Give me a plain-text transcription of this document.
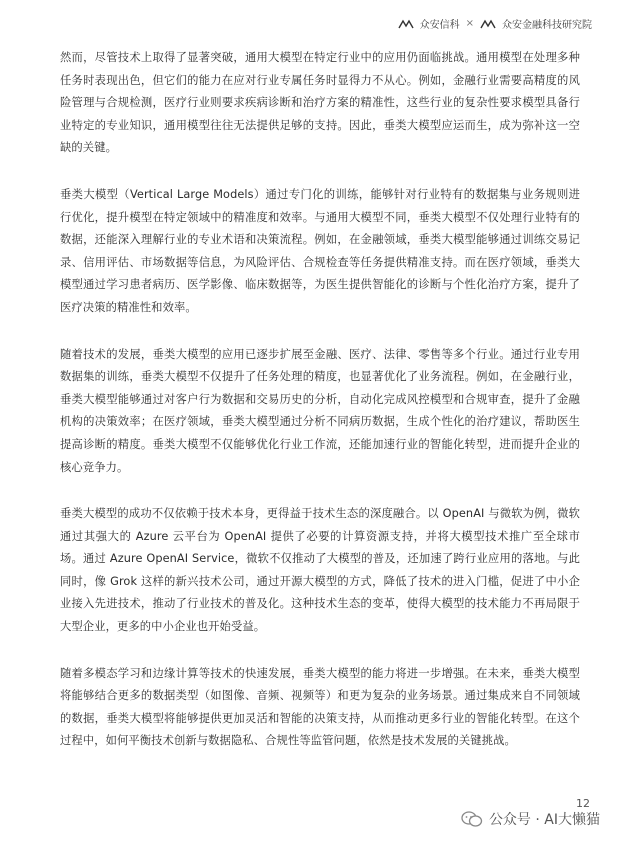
众安信科 ×	众安金融科技研究院

然而，尽管技术上取得了显著突破，通用大模型在特定行业中的应用仍面临挑战。通用模型在处理多种任务时表现出色，但它们的能力在应对行业专属任务时显得力不从心。例如，金融行业需要高精度的风险管理与合规检测，医疗行业则要求疾病诊断和治疗方案的精准性，这些行业的复杂性要求模型具备行业特定的专业知识，通用模型往往无法提供足够的支持。因此，垂类大模型应运而生，成为弥补这一空缺的关键。

垂类大模型（Vertical Large Models）通过专门化的训练，能够针对行业特有的数据集与业务规则进行优化，提升模型在特定领域中的精准度和效率。与通用大模型不同，垂类大模型不仅处理行业特有的数据，还能深入理解行业的专业术语和决策流程。例如，在金融领域，垂类大模型能够通过训练交易记录、信用评估、市场数据等信息，为风险评估、合规检查等任务提供精准支持。而在医疗领域，垂类大模型通过学习患者病历、医学影像、临床数据等，为医生提供智能化的诊断与个性化治疗方案，提升了医疗决策的精准性和效率。

随着技术的发展，垂类大模型的应用已逐步扩展至金融、医疗、法律、零售等多个行业。通过行业专用数据集的训练，垂类大模型不仅提升了任务处理的精度，也显著优化了业务流程。例如，在金融行业，垂类大模型能够通过对客户行为数据和交易历史的分析，自动化完成风控模型和合规审查，提升了金融机构的决策效率；在医疗领域，垂类大模型通过分析不同病历数据，生成个性化的治疗建议，帮助医生提高诊断的精度。垂类大模型不仅能够优化行业工作流，还能加速行业的智能化转型，进而提升企业的核心竞争力。

垂类大模型的成功不仅依赖于技术本身，更得益于技术生态的深度融合。以 OpenAI 与微软为例，微软通过其强大的 Azure 云平台为 OpenAI 提供了必要的计算资源支持，并将大模型技术推广至全球市场。通过 Azure OpenAI Service，微软不仅推动了大模型的普及，还加速了跨行业应用的落地。与此同时，像 Grok 这样的新兴技术公司，通过开源大模型的方式，降低了技术的进入门槛，促进了中小企业接入先进技术，推动了行业技术的普及化。这种技术生态的变革，使得大模型的技术能力不再局限于大型企业，更多的中小企业也开始受益。

随着多模态学习和边缘计算等技术的快速发展，垂类大模型的能力将进一步增强。在未来，垂类大模型将能够结合更多的数据类型（如图像、音频、视频等）和更为复杂的业务场景。通过集成来自不同领域的数据，垂类大模型将能够提供更加灵活和智能的决策支持，从而推动更多行业的智能化转型。在这个过程中，如何平衡技术创新与数据隐私、合规性等监管问题，依然是技术发展的关键挑战。

12
公众号 · AI大懒猫
